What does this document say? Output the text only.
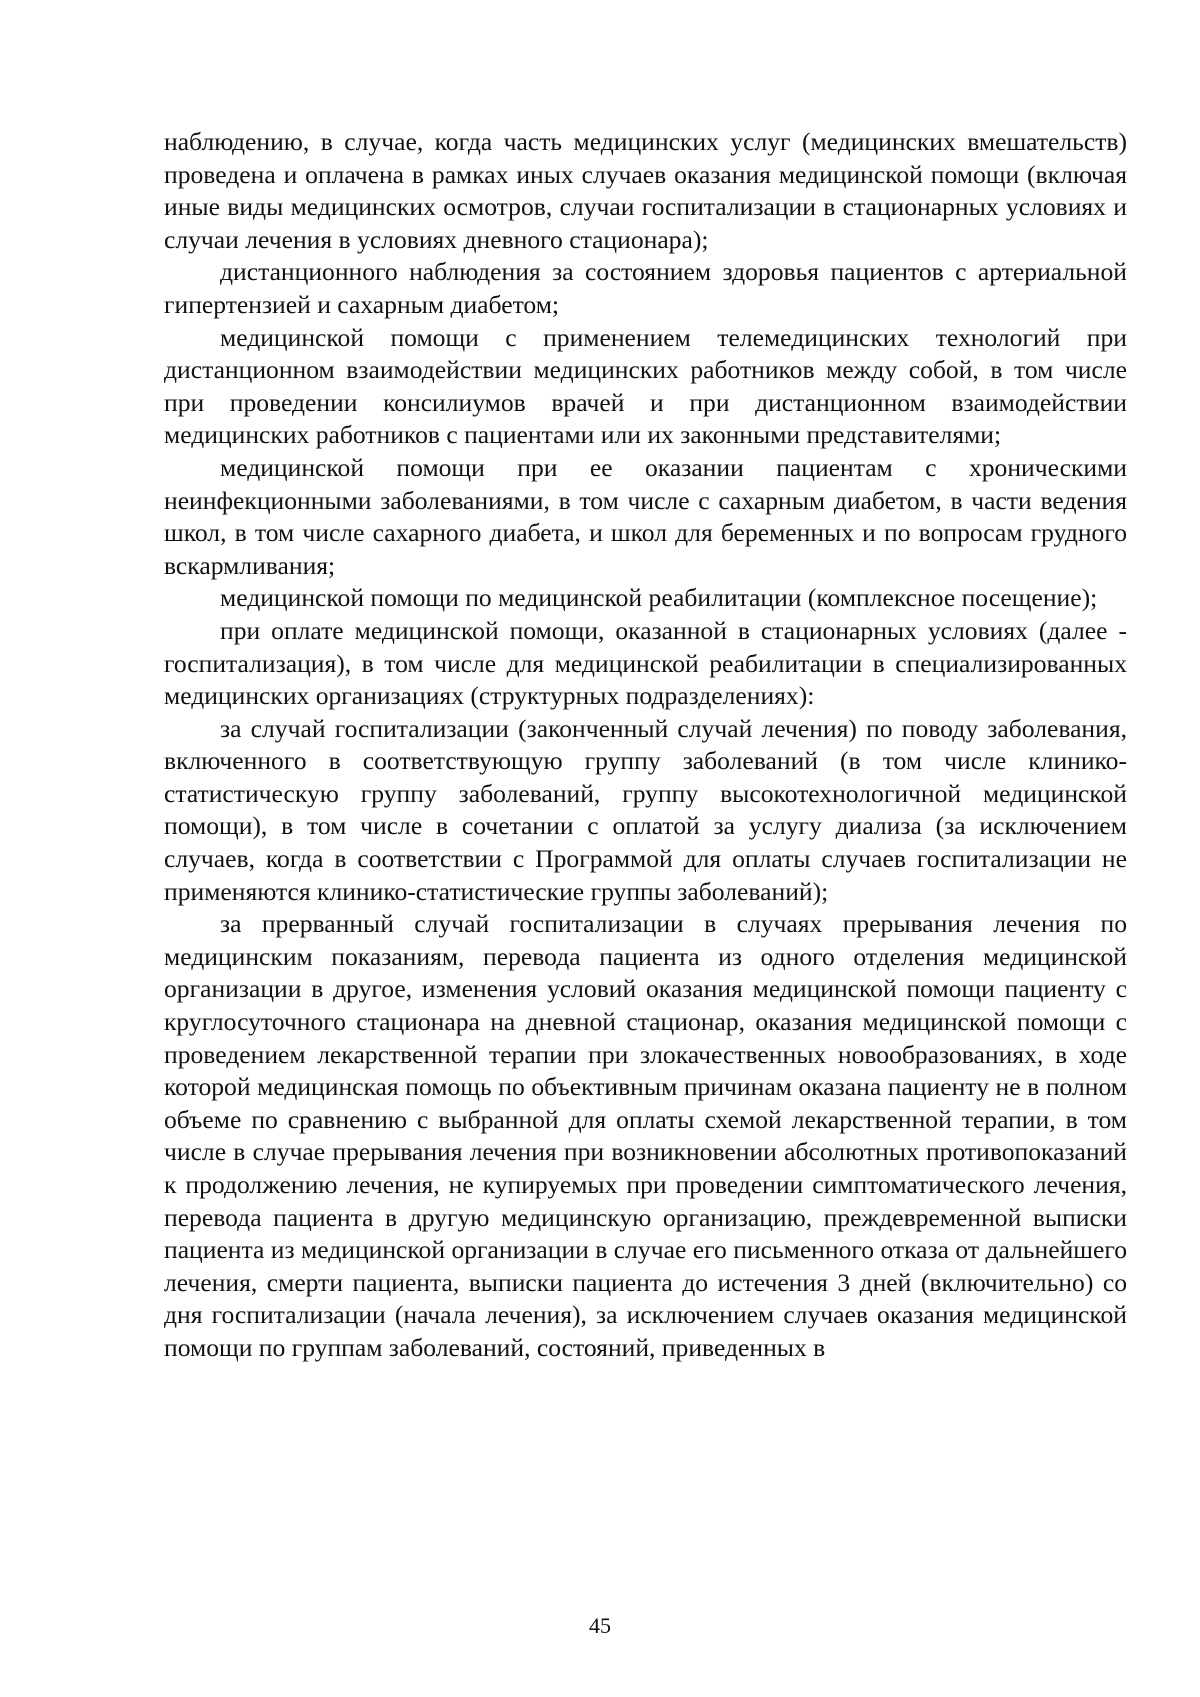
наблюдению, в случае, когда часть медицинских услуг (медицинских вмешательств) проведена и оплачена в рамках иных случаев оказания медицинской помощи (включая иные виды медицинских осмотров, случаи госпитализации в стационарных условиях и случаи лечения в условиях дневного стационара);

дистанционного наблюдения за состоянием здоровья пациентов с артериальной гипертензией и сахарным диабетом;

медицинской помощи с применением телемедицинских технологий при дистанционном взаимодействии медицинских работников между собой, в том числе при проведении консилиумов врачей и при дистанционном взаимодействии медицинских работников с пациентами или их законными представителями;

медицинской помощи при ее оказании пациентам с хроническими неинфекционными заболеваниями, в том числе с сахарным диабетом, в части ведения школ, в том числе сахарного диабета, и школ для беременных и по вопросам грудного вскармливания;

медицинской помощи по медицинской реабилитации (комплексное посещение);

при оплате медицинской помощи, оказанной в стационарных условиях (далее - госпитализация), в том числе для медицинской реабилитации в специализированных медицинских организациях (структурных подразделениях):

за случай госпитализации (законченный случай лечения) по поводу заболевания, включенного в соответствующую группу заболеваний (в том числе клинико-статистическую группу заболеваний, группу высокотехнологичной медицинской помощи), в том числе в сочетании с оплатой за услугу диализа (за исключением случаев, когда в соответствии с Программой для оплаты случаев госпитализации не применяются клинико-статистические группы заболеваний);

за прерванный случай госпитализации в случаях прерывания лечения по медицинским показаниям, перевода пациента из одного отделения медицинской организации в другое, изменения условий оказания медицинской помощи пациенту с круглосуточного стационара на дневной стационар, оказания медицинской помощи с проведением лекарственной терапии при злокачественных новообразованиях, в ходе которой медицинская помощь по объективным причинам оказана пациенту не в полном объеме по сравнению с выбранной для оплаты схемой лекарственной терапии, в том числе в случае прерывания лечения при возникновении абсолютных противопоказаний к продолжению лечения, не купируемых при проведении симптоматического лечения, перевода пациента в другую медицинскую организацию, преждевременной выписки пациента из медицинской организации в случае его письменного отказа от дальнейшего лечения, смерти пациента, выписки пациента до истечения 3 дней (включительно) со дня госпитализации (начала лечения), за исключением случаев оказания медицинской помощи по группам заболеваний, состояний, приведенных в

45
